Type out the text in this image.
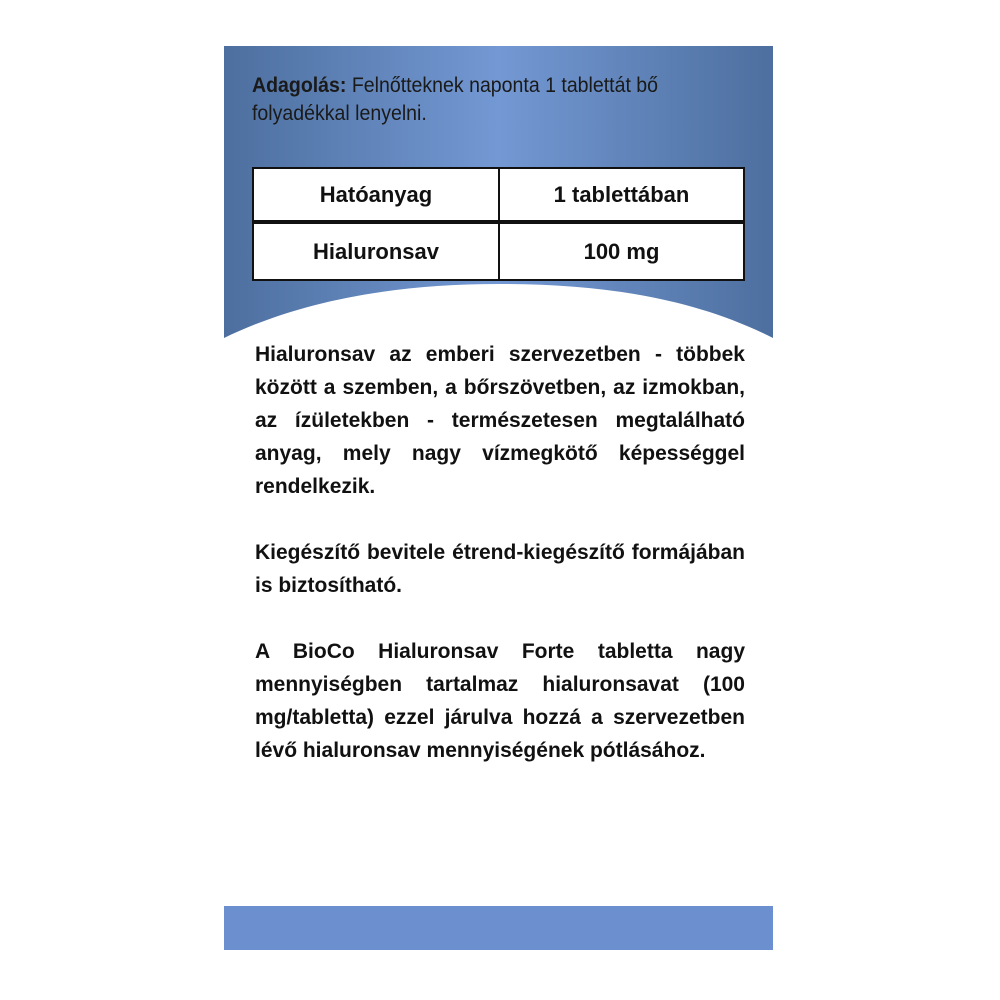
Adagolás: Felnőtteknek naponta 1 tablettát bő folyadékkal lenyelni.
Hatóanyag	1 tablettában
Hialuronsav	100 mg

Hialuronsav az emberi szervezetben - többek között a szemben, a bőrszövetben, az izmokban, az ízületekben - természetesen megtalálható anyag, mely nagy vízmegkötő képességgel rendelkezik.

Kiegészítő bevitele étrend-kiegészítő formájában is biztosítható.

A BioCo Hialuronsav Forte tabletta nagy mennyiségben tartalmaz hialuronsavat (100 mg/tabletta) ezzel járulva hozzá a szervezetben lévő hialuronsav mennyiségének pótlásához.
